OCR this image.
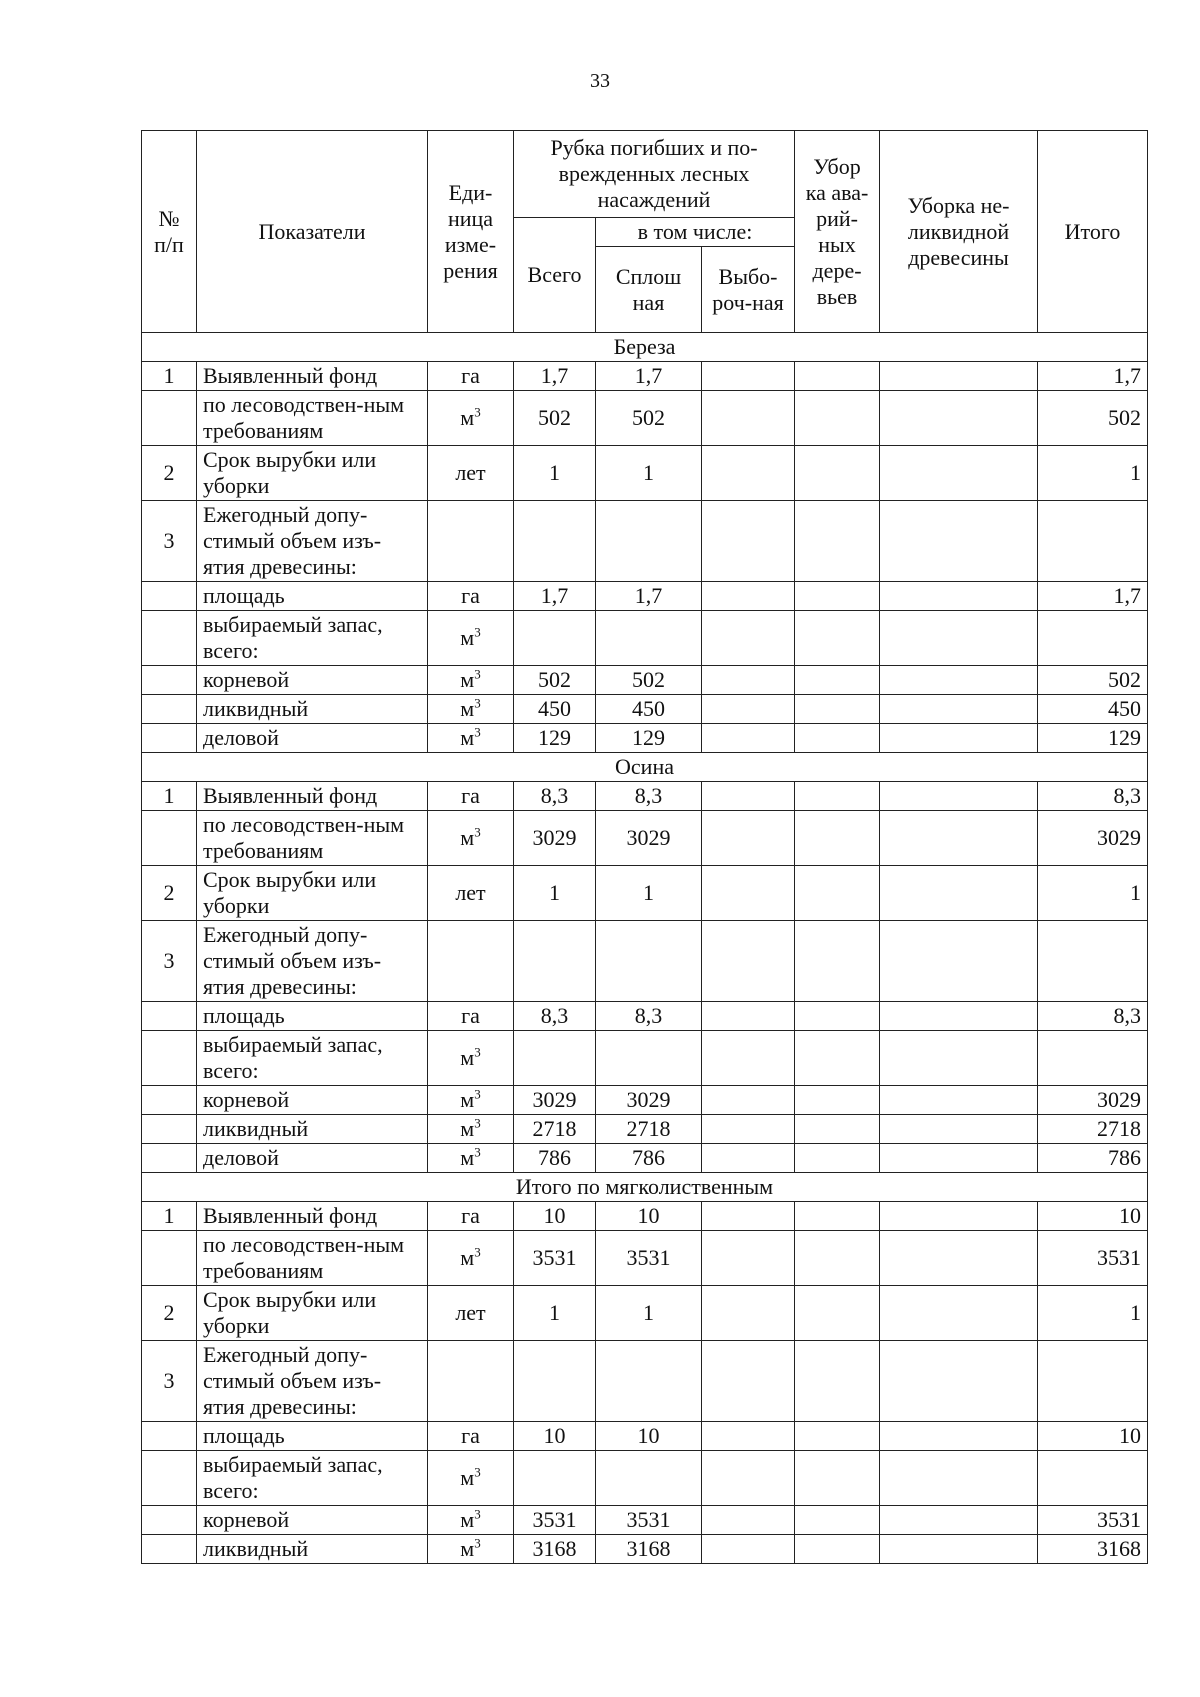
33
№ п/п	Показатели	Еди-ница изме-рения	Рубка погибших и по-врежденных лесных насаждений			Убор ка ава-рий-ных дере-вьев	Уборка не-ликвидной древесины	Итого
			Всего	в том числе:				
				Сплош ная	Выбо-роч-ная			
Береза								
1	Выявленный фонд	га	1,7	1,7				1,7
	по лесоводствен-ным требованиям	$м^3$	502	502				502
2	Срок вырубки или уборки	лет	1	1				1
3	Ежегодный допу-стимый объем изъ-ятия древесины:							
	площадь	га	1,7	1,7				1,7
	выбираемый запас, всего:	$м^3$						
	корневой	$м^3$	502	502				502
	ликвидный	$м^3$	450	450				450
	деловой	$м^3$	129	129				129
Осина								
1	Выявленный фонд	га	8,3	8,3				8,3
	по лесоводствен-ным требованиям	$м^3$	3029	3029				3029
2	Срок вырубки или уборки	лет	1	1				1
3	Ежегодный допу-стимый объем изъ-ятия древесины:							
	площадь	га	8,3	8,3				8,3
	выбираемый запас, всего:	$м^3$						
	корневой	$м^3$	3029	3029				3029
	ликвидный	$м^3$	2718	2718				2718
	деловой	$м^3$	786	786				786
Итого по мягколиственным								
1	Выявленный фонд	га	10	10				10
	по лесоводствен-ным требованиям	$м^3$	3531	3531				3531
2	Срок вырубки или уборки	лет	1	1				1
3	Ежегодный допу-стимый объем изъ-ятия древесины:							
	площадь	га	10	10				10
	выбираемый запас, всего:	$м^3$						
	корневой	$м^3$	3531	3531				3531
	ликвидный	$м^3$	3168	3168				3168
